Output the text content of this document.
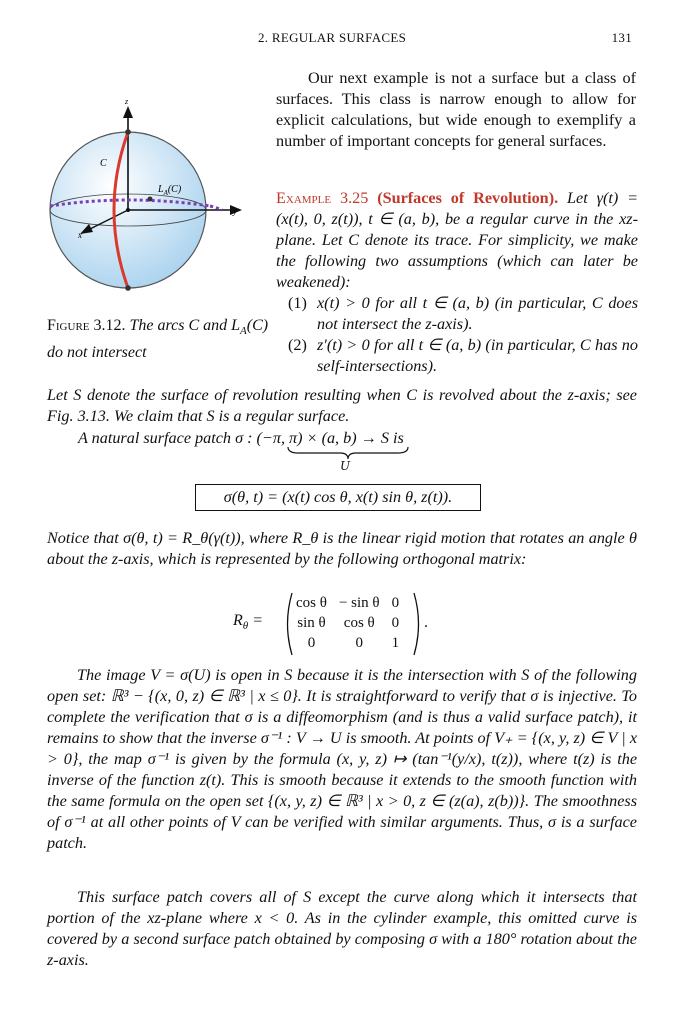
2. REGULAR SURFACES	131
Our next example is not a surface but a class of surfaces. This class is narrow enough to allow for explicit calculations, but wide enough to exemplify a number of important concepts for general surfaces.
z
y
x
C
$L_A(C)$
Figure 3.12. The arcs C and $L_A(C)$ do not intersect

Example 3.25 (Surfaces of Revolution). Let γ(t) = (x(t), 0, z(t)), t ∈ (a, b), be a regular curve in the xz-plane. Let C denote its trace. For simplicity, we make the following two assumptions (which can later be weakened):

(1) x(t) > 0 for all t ∈ (a, b) (in particular, C does not intersect the z-axis).
(2) z′(t) > 0 for all t ∈ (a, b) (in particular, C has no self-intersections).
Let S denote the surface of revolution resulting when C is revolved about the z-axis; see Fig. 3.13. We claim that S is a regular surface.
A natural surface patch σ : (−π, π) × (a, b) → S is
U
σ(θ, t) = (x(t) cos θ, x(t) sin θ, z(t)).
Notice that σ(θ, t) = R_θ(γ(t)), where R_θ is the linear rigid motion that rotates an angle θ about the z-axis, which is represented by the following orthogonal matrix:
$R_\theta$ =
cos θ	− sin θ	0
sin θ	cos θ	0
0	0	1
.
The image V = σ(U) is open in S because it is the intersection with S of the following open set: ℝ³ − {(x, 0, z) ∈ ℝ³ | x ≤ 0}. It is straightforward to verify that σ is injective. To complete the verification that σ is a diffeomorphism (and is thus a valid surface patch), it remains to show that the inverse σ⁻¹ : V → U is smooth. At points of V₊ = {(x, y, z) ∈ V | x > 0}, the map σ⁻¹ is given by the formula (x, y, z) ↦ (tan⁻¹(y/x), t(z)), where t(z) is the inverse of the function z(t). This is smooth because it extends to the smooth function with the same formula on the open set {(x, y, z) ∈ ℝ³ | x > 0, z ∈ (z(a), z(b))}. The smoothness of σ⁻¹ at all other points of V can be verified with similar arguments. Thus, σ is a surface patch.
This surface patch covers all of S except the curve along which it intersects that portion of the xz-plane where x < 0. As in the cylinder example, this omitted curve is covered by a second surface patch obtained by composing σ with a 180° rotation about the z-axis.
